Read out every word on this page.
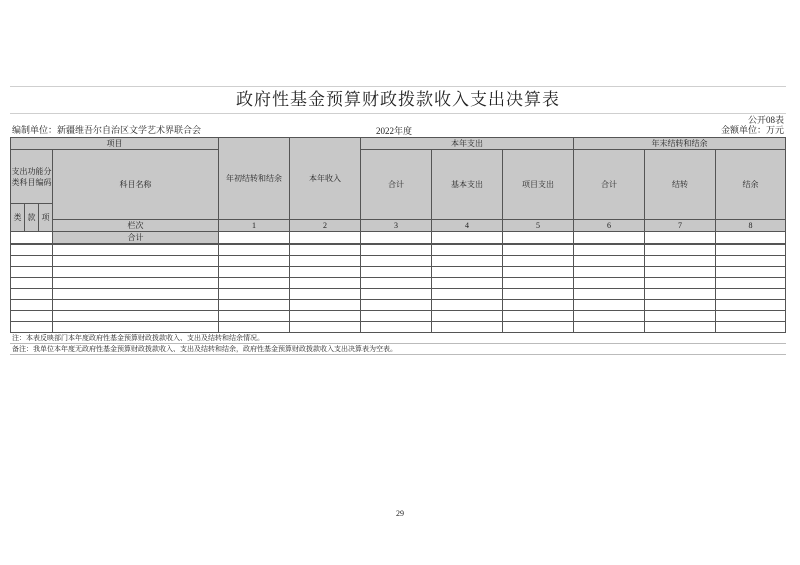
政府性基金预算财政拨款收入支出决算表
公开08表
编制单位：新疆维吾尔自治区文学艺术界联合会	2022年度	金额单位：万元
项目				年初结转和结余	本年收入	本年支出			年末结转和结余		
支出功能分类科目编码			科目名称			合计	基本支出	项目支出	合计	结转	结余
类	款	项									
			栏次	1	2	3	4	5	6	7	8
			合计								

注：本表反映部门本年度政府性基金预算财政拨款收入、支出及结转和结余情况。
备注：我单位本年度无政府性基金预算财政拨款收入、支出及结转和结余，政府性基金预算财政拨款收入支出决算表为空表。
29
